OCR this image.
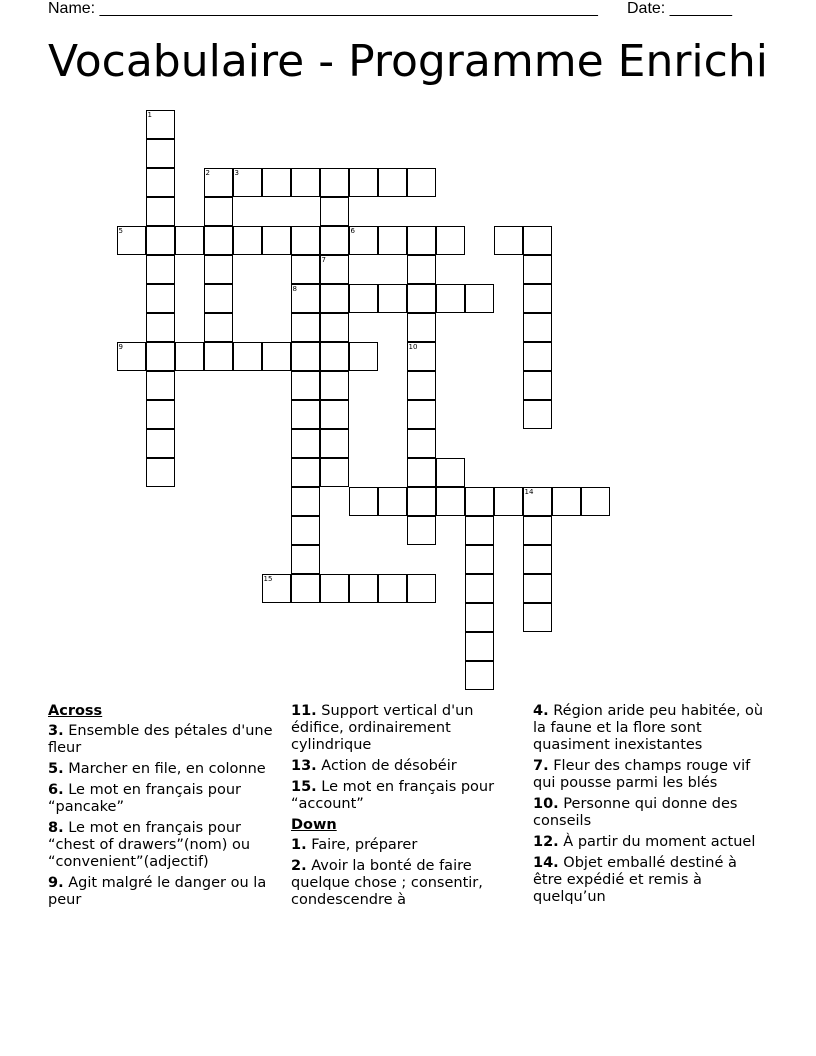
Name: ________________________________________________________ Date: _______
Vocabulaire - Programme Enrichi
1
2	3
5
7
6
8
9	10
14
15
Across
3. Ensemble des pétales d'une fleur
5. Marcher en file, en colonne
6. Le mot en français pour “pancake”
8. Le mot en français pour “chest of drawers”(nom) ou “convenient”(adjectif)
9. Agit malgré le danger ou la peur
11. Support vertical d'un édifice, ordinairement cylindrique
13. Action de désobéir
15. Le mot en français pour “account”
Down
1. Faire, préparer
2. Avoir la bonté de faire quelque chose ; consentir, condescendre à
4. Région aride peu habitée, où la faune et la flore sont quasiment inexistantes
7. Fleur des champs rouge vif qui pousse parmi les blés
10. Personne qui donne des conseils
12. À partir du moment actuel
14. Objet emballé destiné à être expédié et remis à quelqu’un
